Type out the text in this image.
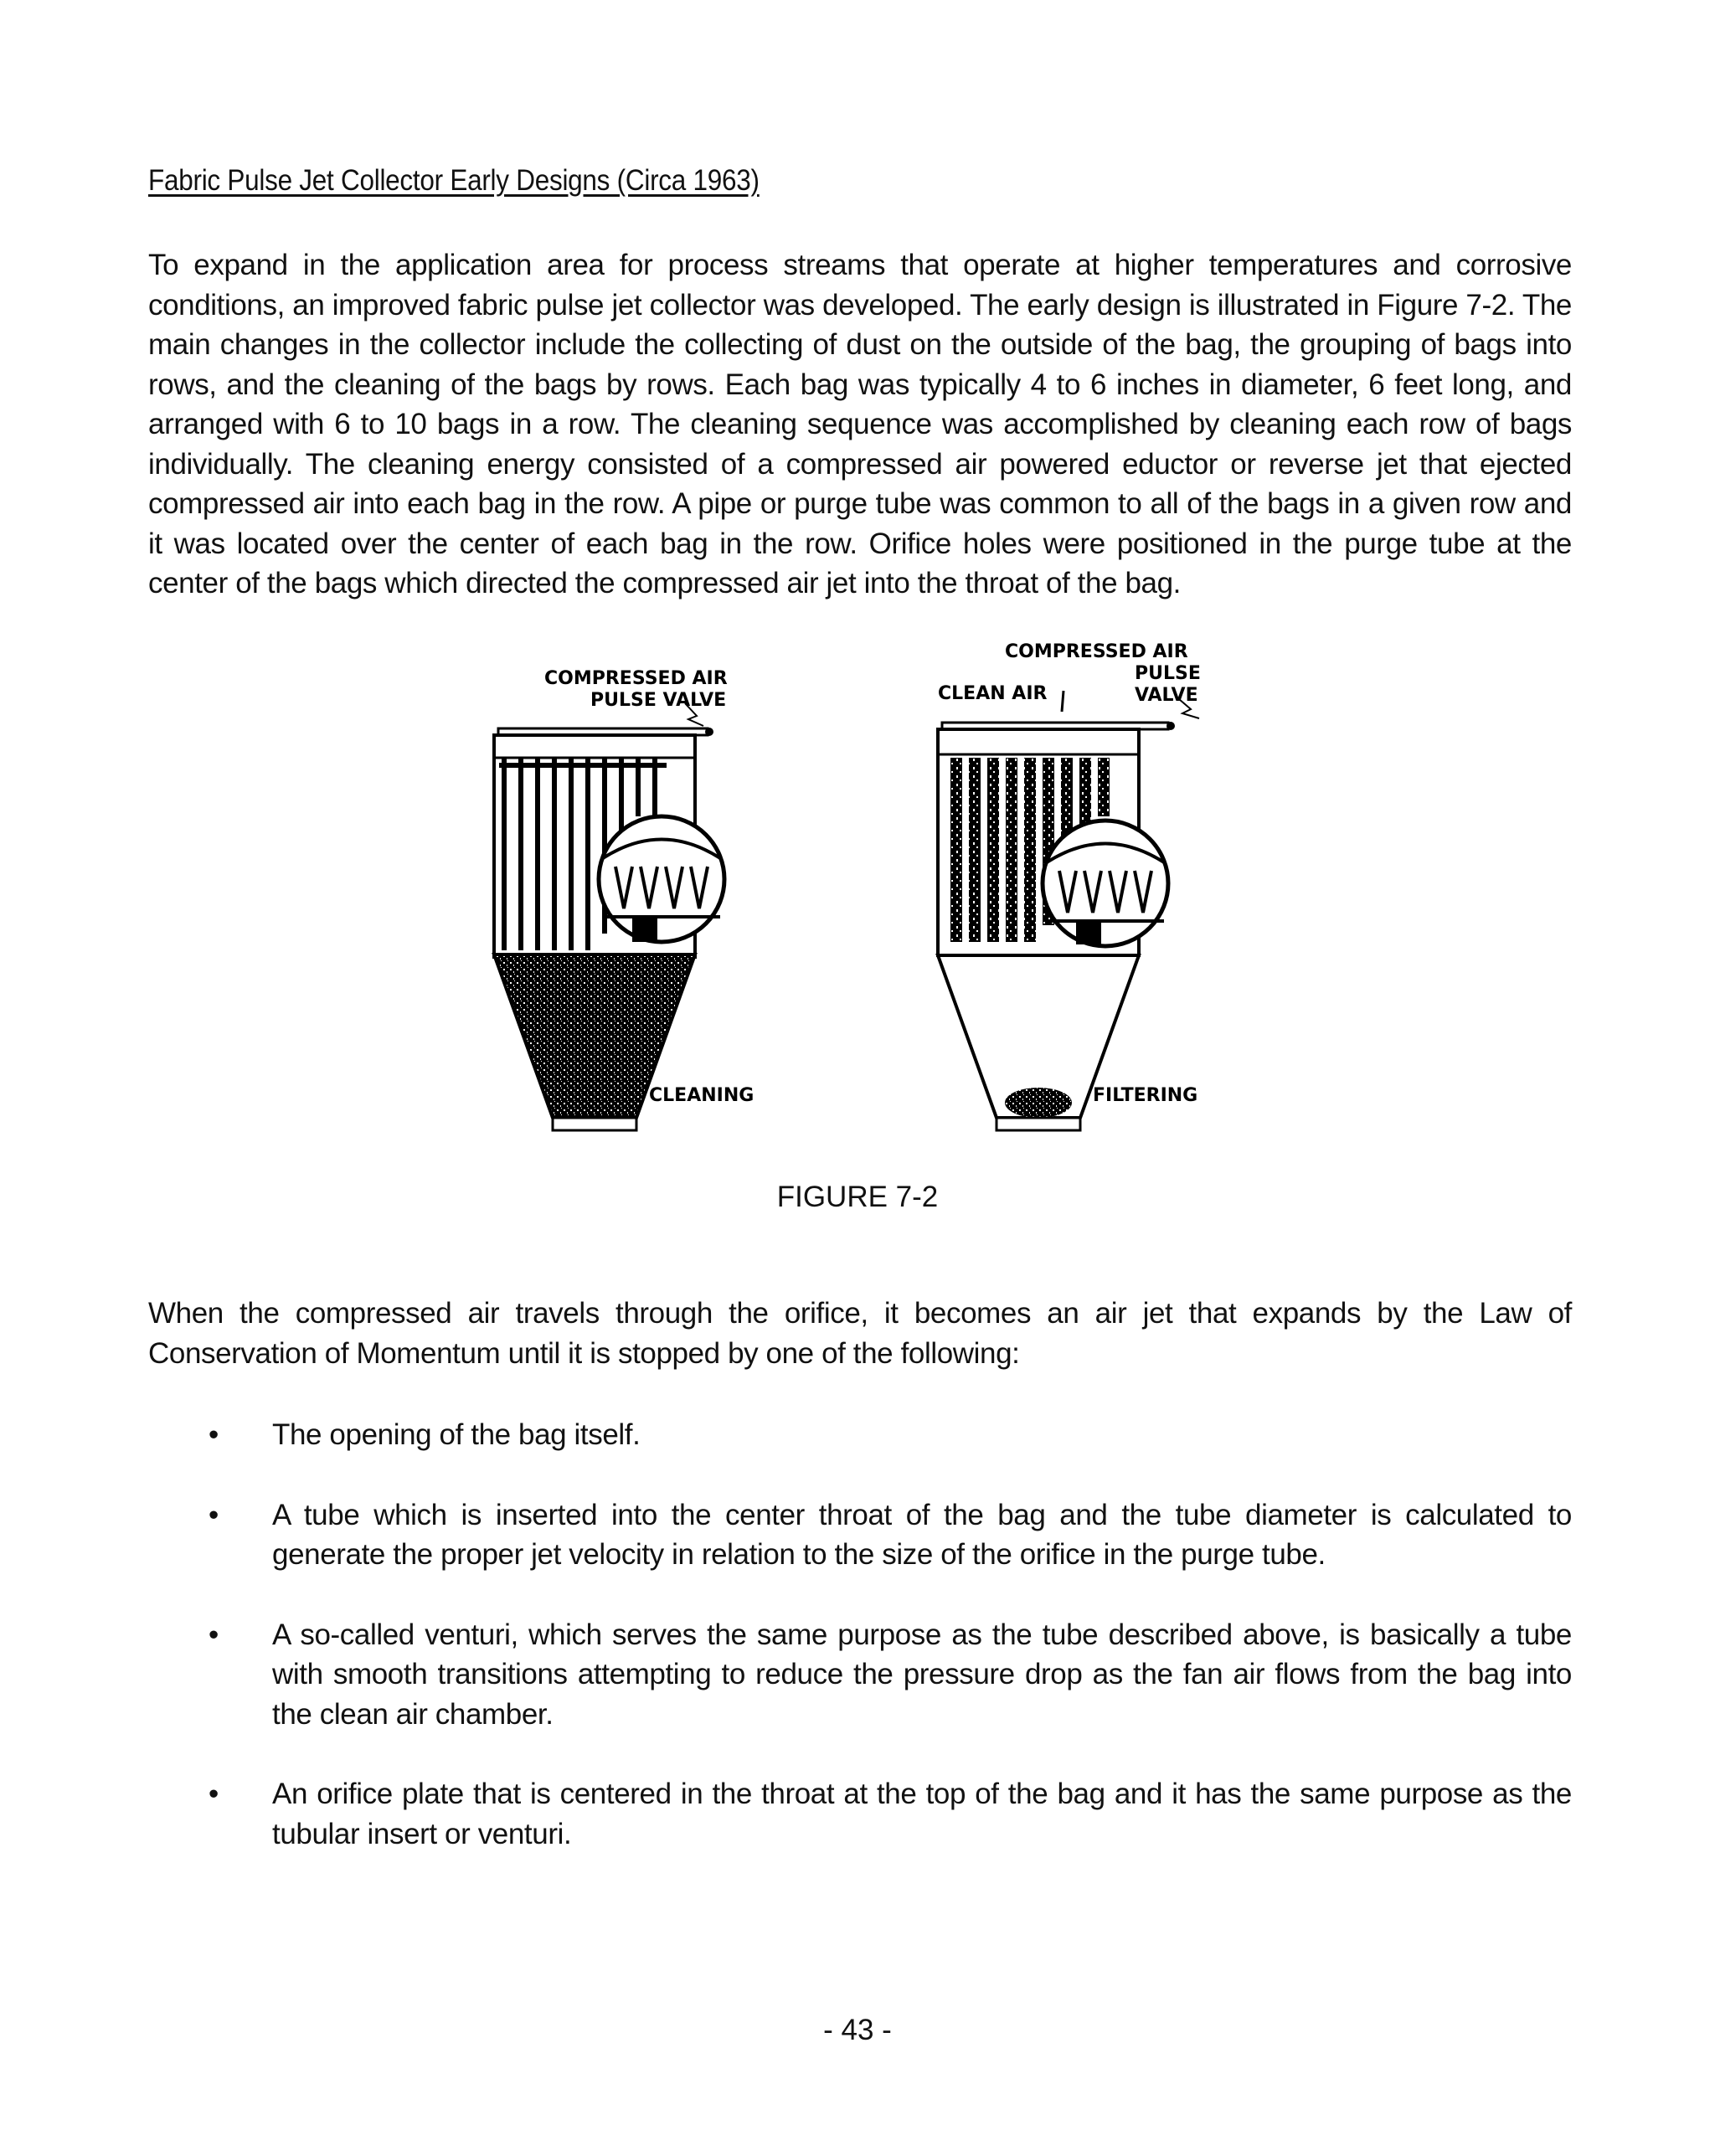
Fabric Pulse Jet Collector Early Designs (Circa 1963)
To expand in the application area for process streams that operate at higher temperatures and corrosive conditions, an improved fabric pulse jet collector was developed. The early design is illustrated in Figure 7-2. The main changes in the collector include the collecting of dust on the outside of the bag, the grouping of bags into rows, and the cleaning of the bags by rows. Each bag was typically 4 to 6 inches in diameter, 6 feet long, and arranged with 6 to 10 bags in a row. The cleaning sequence was accomplished by cleaning each row of bags individually. The cleaning energy consisted of a compressed air powered eductor or reverse jet that ejected compressed air into each bag in the row. A pipe or purge tube was common to all of the bags in a given row and it was located over the center of each bag in the row. Orifice holes were positioned in the purge tube at the center of the bags which directed the compressed air jet into the throat of the bag.
COMPRESSED AIR
PULSE VALVE
CLEANING
COMPRESSED AIR
CLEAN AIR
PULSE
VALVE
FILTERING
FIGURE 7-2
When the compressed air travels through the orifice, it becomes an air jet that expands by the Law of Conservation of Momentum until it is stopped by one of the following:
• The opening of the bag itself.
• A tube which is inserted into the center throat of the bag and the tube diameter is calculated to generate the proper jet velocity in relation to the size of the orifice in the purge tube.
• A so-called venturi, which serves the same purpose as the tube described above, is basically a tube with smooth transitions attempting to reduce the pressure drop as the fan air flows from the bag into the clean air chamber.
• An orifice plate that is centered in the throat at the top of the bag and it has the same purpose as the tubular insert or venturi.
- 43 -
